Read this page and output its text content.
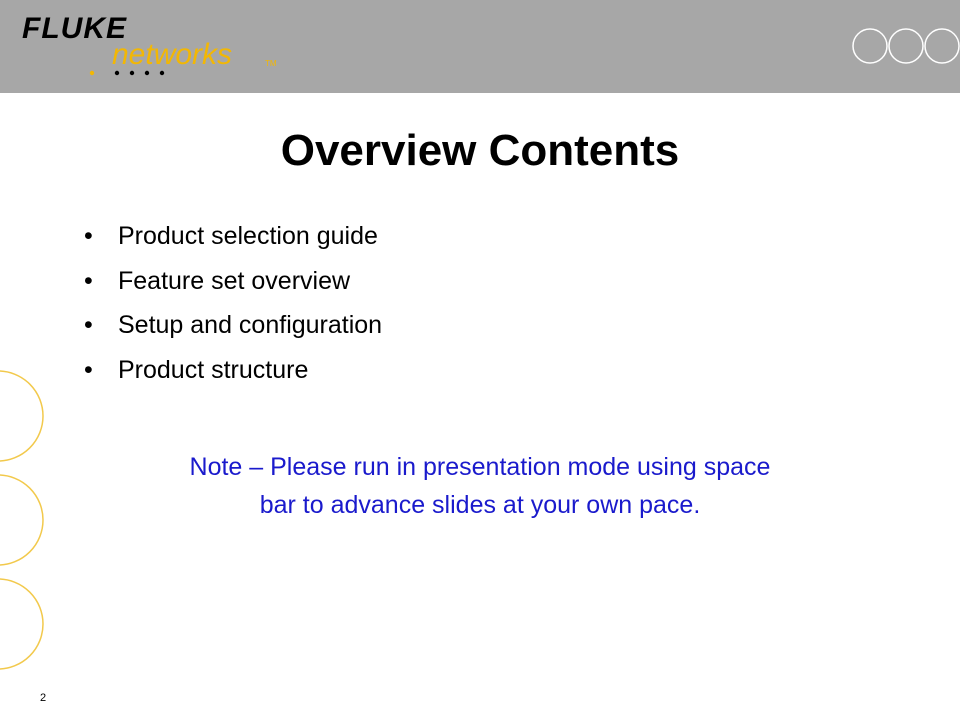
FLUKE
networks	TM
Overview Contents
• Product selection guide
• Feature set overview
• Setup and configuration
• Product structure

Note – Please run in presentation mode using space
bar to advance slides at your own pace.

2
